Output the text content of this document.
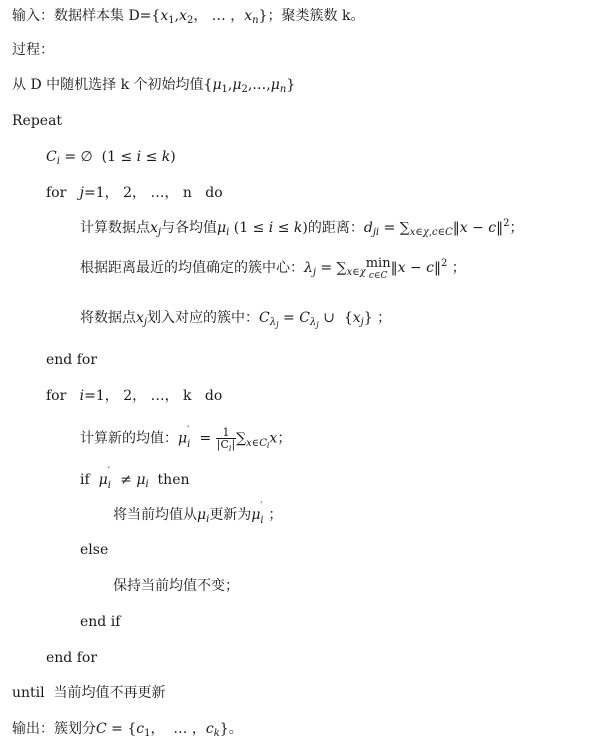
输入：数据样本集 $D=\{x_1,x_2$， … ，$x_n$}；聚类簇数 k。
过程：
从 D 中随机选择 k 个初始均值$\{\mu_1,\mu_2,\dots,\mu_n\}$
Repeat
$C_i$ = ∅  (1 ≤ i ≤ k)
for j=1， 2， …， n do
计算数据点$x_j$与各均值$\mu_i$ (1 ≤ i ≤ k)的距离：$d_{ji}$ = $\sum_{x\in\chi,c\in C}‖x$ − c‖$^2$；
根据距离最近的均值确定的簇中心：$\lambda_j = \sum_{x\in\chi}$
min
c∈C ‖x − c‖$^2$ ；
将数据点$x_j$划入对应的簇中：$C_{\lambda_j} = C_{\lambda_j}$ ∪  $\{x_j\}$ ；
end for
for i=1， 2， …， k do
计算新的均值：μ
′
$i = \frac{1}{|C_i|} \sum_{x\in C_i}x$；
if μ
′
$i \ne \mu_i$ then
将当前均值从$\mu_i$更新为μ
′
i ；
else
保持当前均值不变；
end if
end for
until  当前均值不再更新
输出：簇划分$C = \{c_1$，  … ，$c_k$}。
